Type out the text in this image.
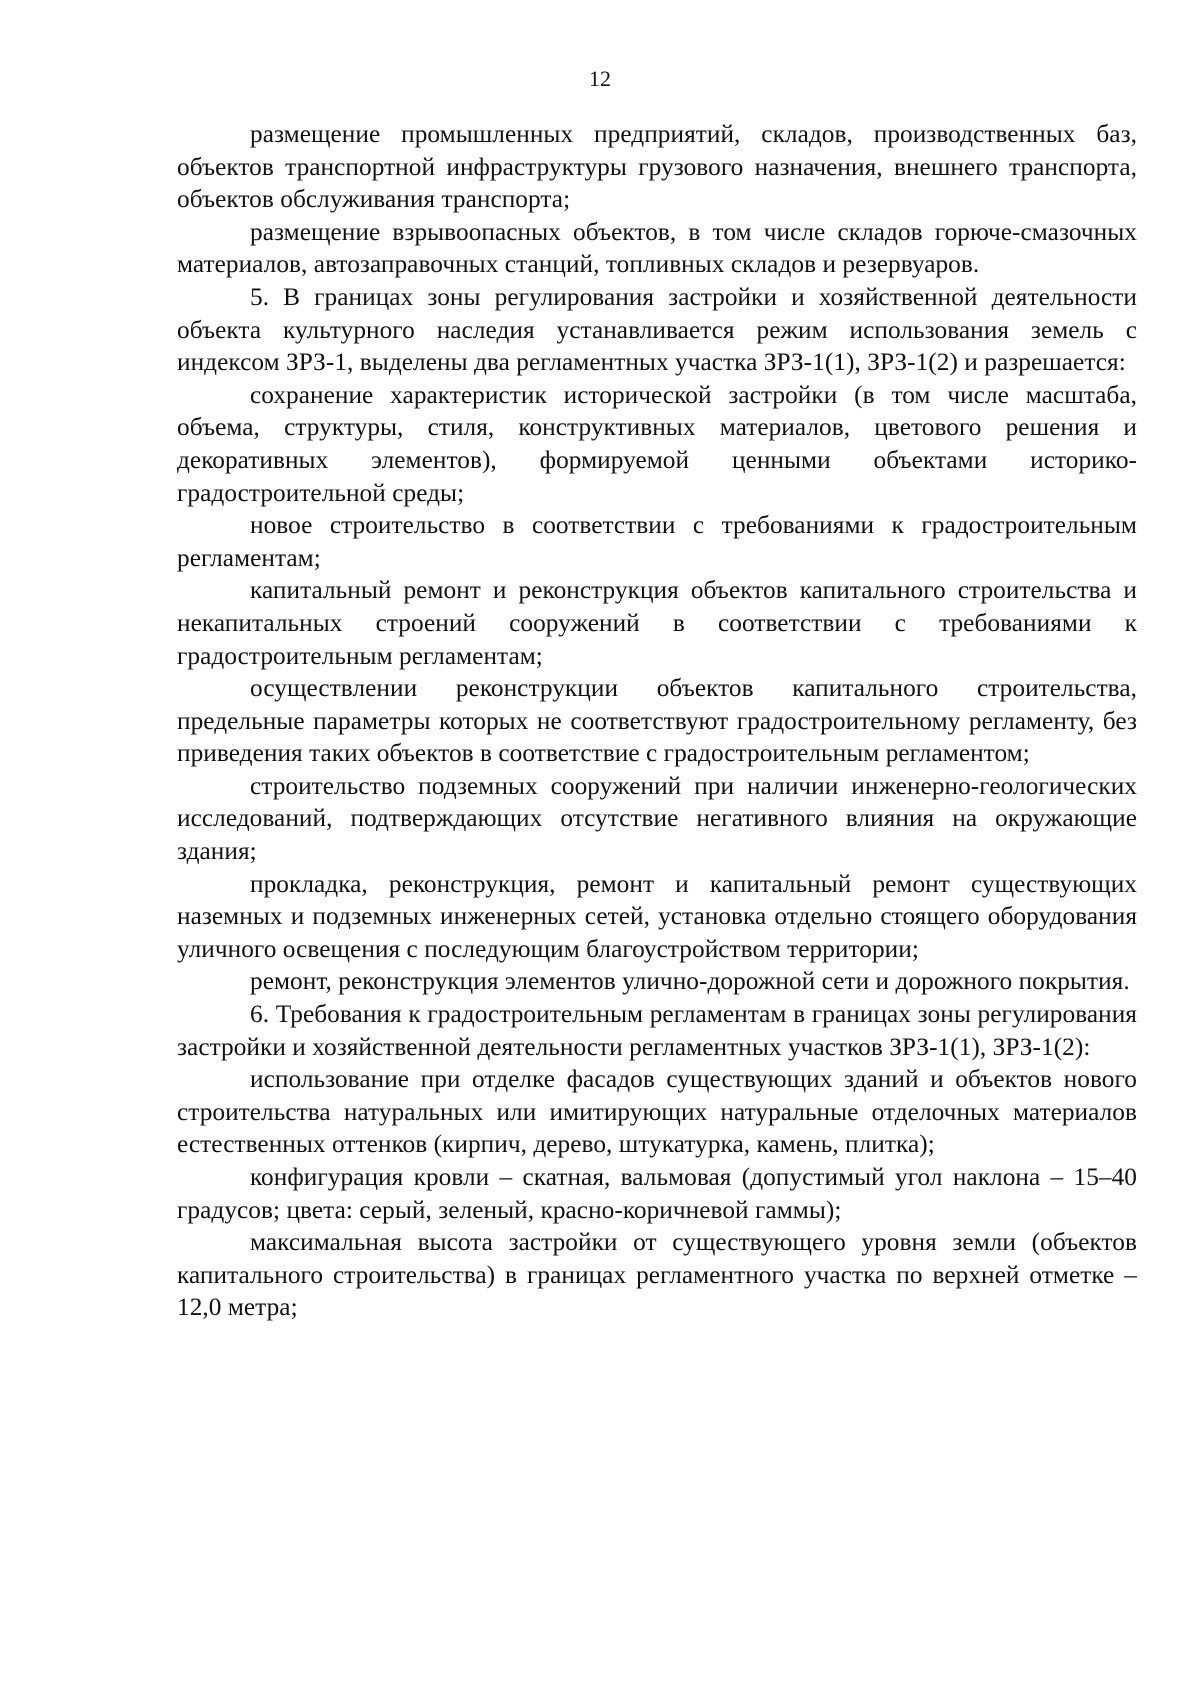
12

размещение промышленных предприятий, складов, производственных баз, объектов транспортной инфраструктуры грузового назначения, внешнего транспорта, объектов обслуживания транспорта;

размещение взрывоопасных объектов, в том числе складов горюче-смазочных материалов, автозаправочных станций, топливных складов и резервуаров.

5. В границах зоны регулирования застройки и хозяйственной деятельности объекта культурного наследия устанавливается режим использования земель с индексом ЗРЗ-1, выделены два регламентных участка ЗРЗ-1(1), ЗРЗ-1(2) и разрешается:

сохранение характеристик исторической застройки (в том числе масштаба, объема, структуры, стиля, конструктивных материалов, цветового решения и декоративных элементов), формируемой ценными объектами историко-градостроительной среды;

новое строительство в соответствии с требованиями к градостроительным регламентам;

капитальный ремонт и реконструкция объектов капитального строительства и некапитальных строений сооружений в соответствии с требованиями к градостроительным регламентам;

осуществлении реконструкции объектов капитального строительства, предельные параметры которых не соответствуют градостроительному регламенту, без приведения таких объектов в соответствие с градостроительным регламентом;

строительство подземных сооружений при наличии инженерно-геологических исследований, подтверждающих отсутствие негативного влияния на окружающие здания;

прокладка, реконструкция, ремонт и капитальный ремонт существующих наземных и подземных инженерных сетей, установка отдельно стоящего оборудования уличного освещения с последующим благоустройством территории;

ремонт, реконструкция элементов улично-дорожной сети и дорожного покрытия.

6. Требования к градостроительным регламентам в границах зоны регулирования застройки и хозяйственной деятельности регламентных участков ЗРЗ-1(1), ЗРЗ-1(2):

использование при отделке фасадов существующих зданий и объектов нового строительства натуральных или имитирующих натуральные отделочных материалов естественных оттенков (кирпич, дерево, штукатурка, камень, плитка);

конфигурация кровли – скатная, вальмовая (допустимый угол наклона – 15–40 градусов; цвета: серый, зеленый, красно-коричневой гаммы);

максимальная высота застройки от существующего уровня земли (объектов капитального строительства) в границах регламентного участка по верхней отметке – 12,0 метра;
